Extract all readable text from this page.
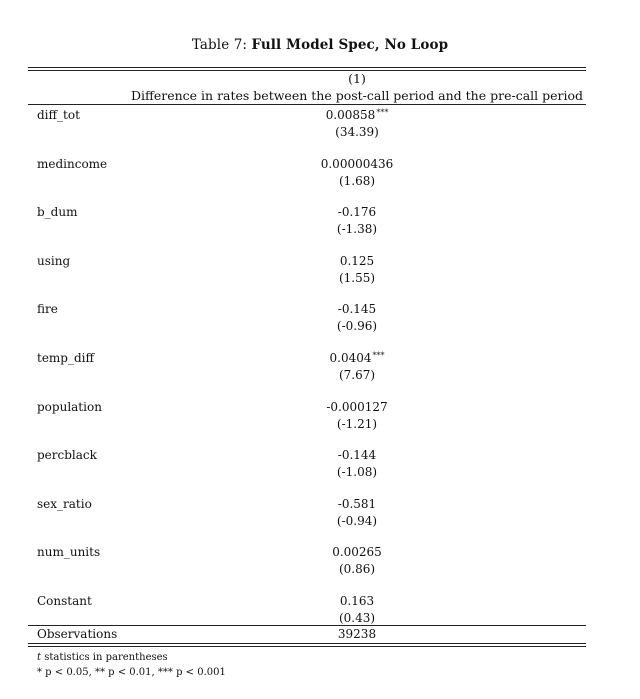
Table 7: Full Model Spec, No Loop
(1)
Difference in rates between the post-call period and the pre-call period
diff_tot	0.00858***
(34.39)
medincome	0.00000436
(1.68)
b_dum	-0.176
(-1.38)
using	0.125
(1.55)
fire	-0.145
(-0.96)
temp_diff	0.0404***
(7.67)
population	-0.000127
(-1.21)
percblack	-0.144
(-1.08)
sex_ratio	-0.581
(-0.94)
num_units	0.00265
(0.86)
Constant	0.163
(0.43)
Observations	39238
t statistics in parentheses
* p < 0.05, ** p < 0.01, *** p < 0.001
